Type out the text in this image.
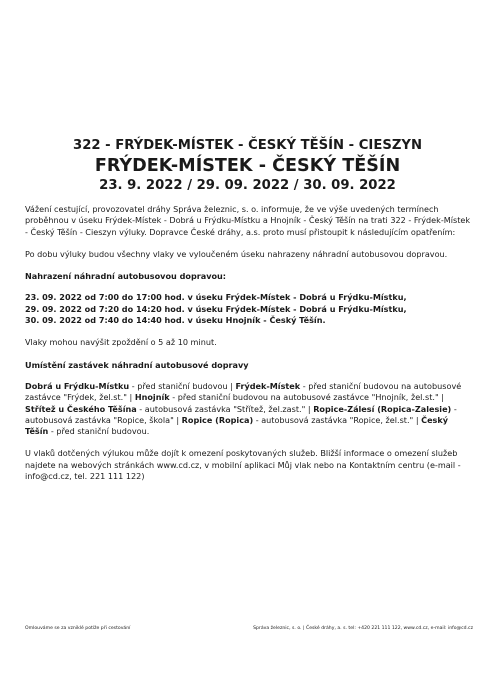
322 - FRÝDEK-MÍSTEK - ČESKÝ TĚŠÍN - CIESZYN
FRÝDEK-MÍSTEK - ČESKÝ TĚŠÍN
23. 9. 2022 / 29. 09. 2022 / 30. 09. 2022

Vážení cestující, provozovatel dráhy Správa železnic, s. o. informuje, že ve výše uvedených termínech proběhnou v úseku Frýdek-Místek - Dobrá u Frýdku-Místku a Hnojník - Český Těšín na trati 322 - Frýdek-Místek - Český Těšín - Cieszyn výluky. Dopravce České dráhy, a.s. proto musí přistoupit k následujícím opatřením:

Po dobu výluky budou všechny vlaky ve vyloučeném úseku nahrazeny náhradní autobusovou dopravou.

Nahrazení náhradní autobusovou dopravou:

23. 09. 2022 od 7:00 do 17:00 hod. v úseku Frýdek-Místek - Dobrá u Frýdku-Místku,
29. 09. 2022 od 7:20 do 14:20 hod. v úseku Frýdek-Místek - Dobrá u Frýdku-Místku,
30. 09. 2022 od 7:40 do 14:40 hod. v úseku Hnojník - Český Těšín.

Vlaky mohou navýšit zpoždění o 5 až 10 minut.

Umístění zastávek náhradní autobusové dopravy

Dobrá u Frýdku-Místku - před staniční budovou | Frýdek-Místek - před staniční budovou na autobusové zastávce "Frýdek, žel.st." | Hnojník - před staniční budovou na autobusové zastávce "Hnojník, žel.st." | Střítež u Českého Těšína - autobusová zastávka "Střítež, žel.zast." | Ropice-Zálesí (Ropica-Zalesie) - autobusová zastávka "Ropice, škola" | Ropice (Ropica) - autobusová zastávka "Ropice, žel.st." | Český Těšín - před staniční budovou.

U vlaků dotčených výlukou může dojít k omezení poskytovaných služeb. Bližší informace o omezení služeb najdete na webových stránkách www.cd.cz, v mobilní aplikaci Můj vlak nebo na Kontaktním centru (e-mail - info@cd.cz, tel. 221 111 122)

Omlouváme se za vzniklé potíže při cestování	Správa železnic, s. o. | České dráhy, a. s. tel: +420 221 111 122, www.cd.cz, e-mail: info@cd.cz
